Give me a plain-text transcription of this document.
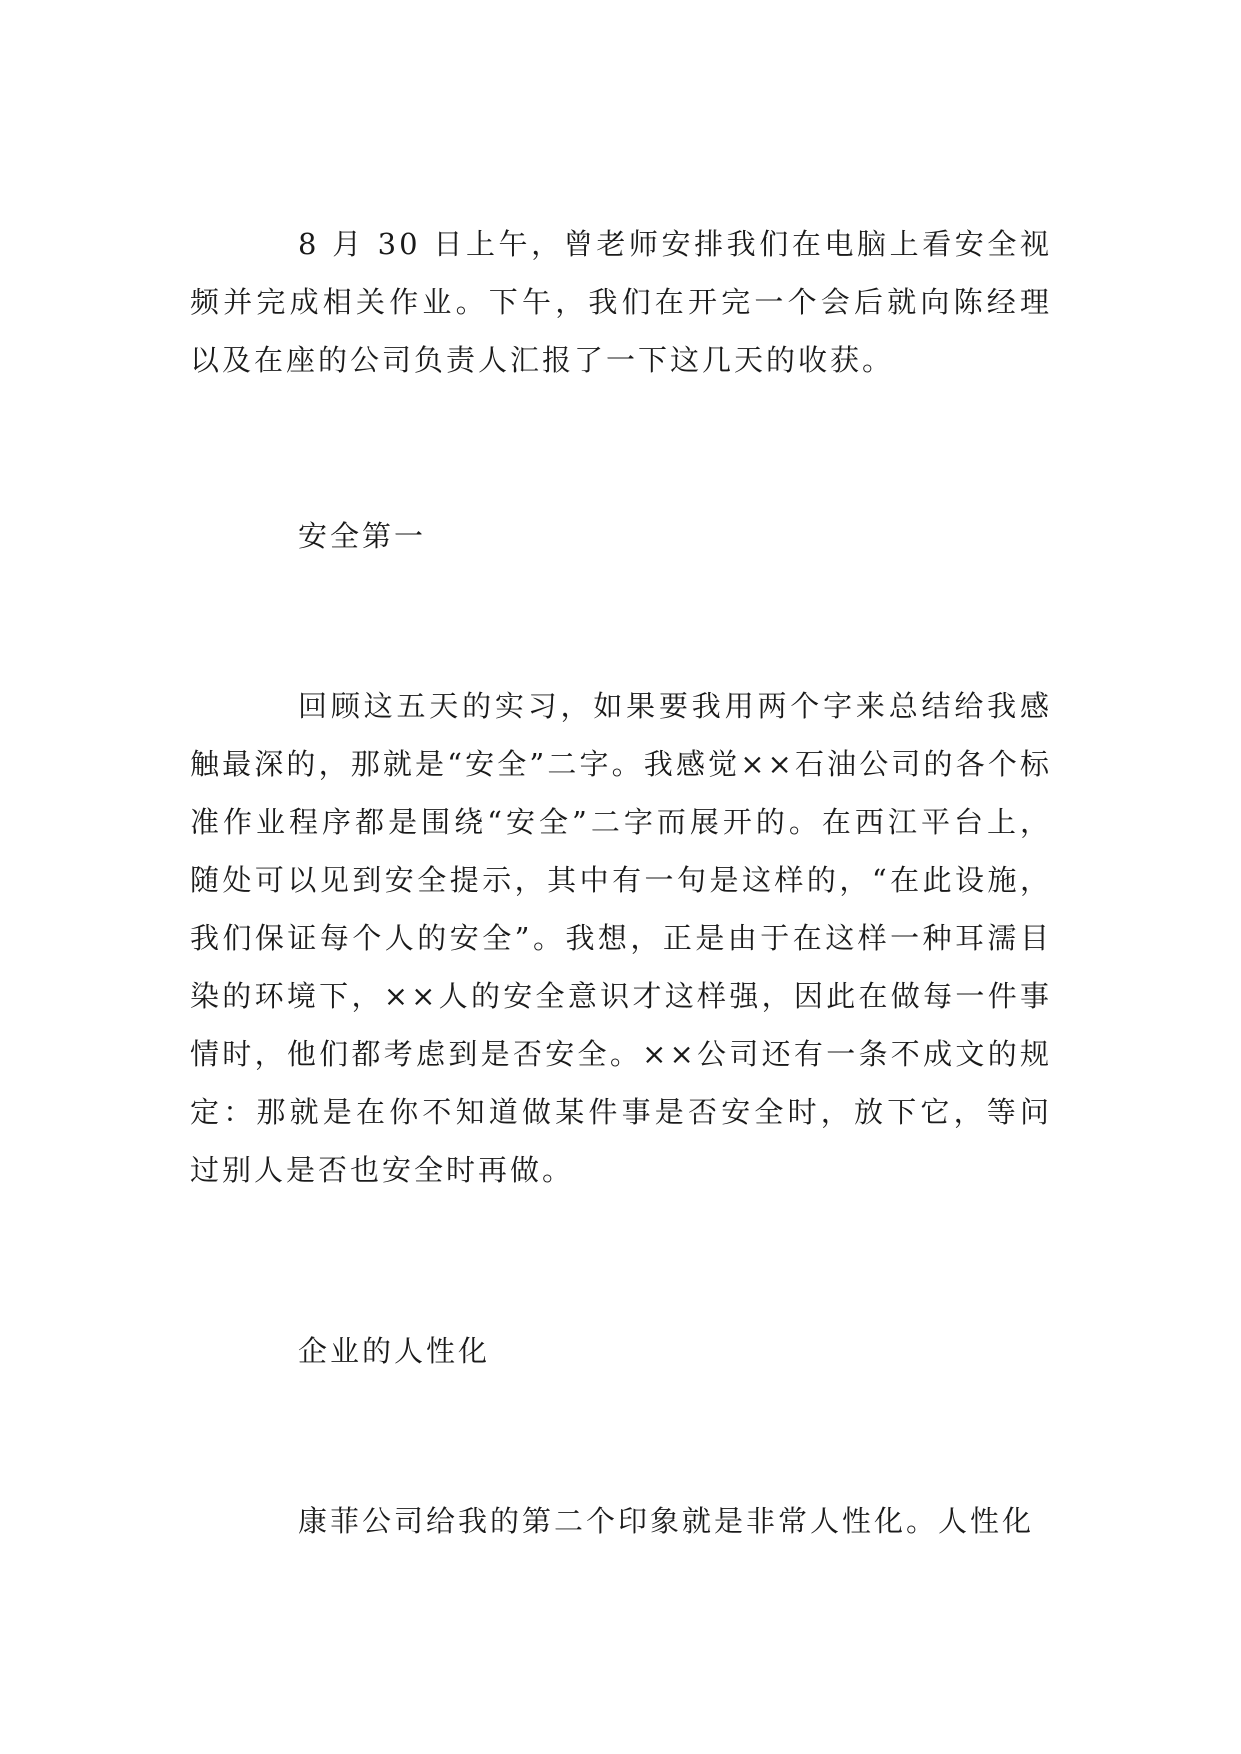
8 月 30 日上午，曾老师安排我们在电脑上看安全视频并完成相关作业。下午，我们在开完一个会后就向陈经理以及在座的公司负责人汇报了一下这几天的收获。

安全第一

回顾这五天的实习，如果要我用两个字来总结给我感触最深的，那就是“安全”二字。我感觉××石油公司的各个标准作业程序都是围绕“安全”二字而展开的。在西江平台上，随处可以见到安全提示，其中有一句是这样的，“在此设施，我们保证每个人的安全”。我想，正是由于在这样一种耳濡目染的环境下，××人的安全意识才这样强，因此在做每一件事情时，他们都考虑到是否安全。××公司还有一条不成文的规定：那就是在你不知道做某件事是否安全时，放下它，等问过别人是否也安全时再做。

企业的人性化

康菲公司给我的第二个印象就是非常人性化。人性化
